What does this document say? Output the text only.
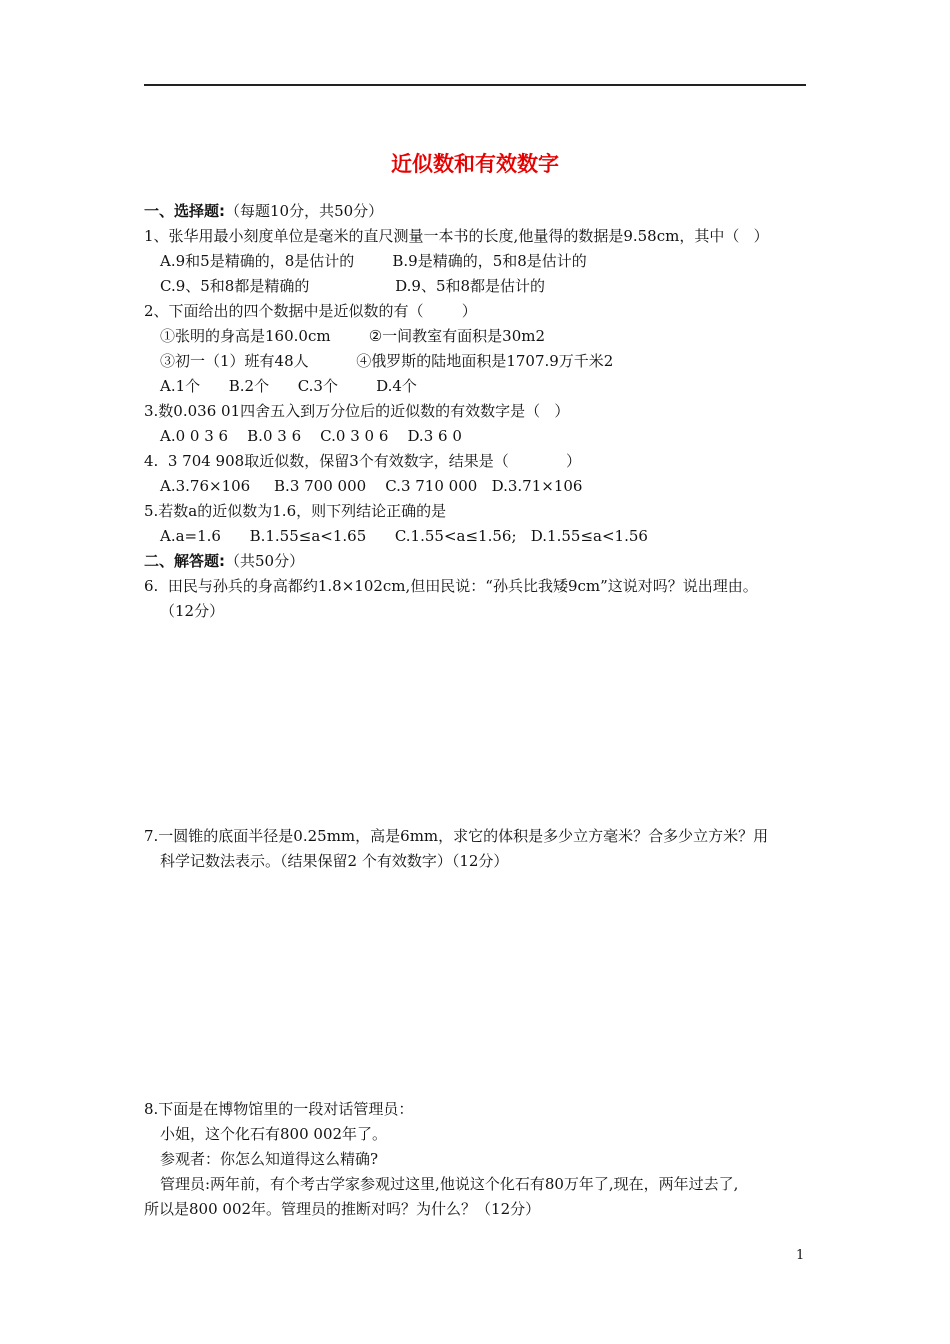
近似数和有效数字
一、选择题:（每题10分，共50分）
1、张华用最小刻度单位是毫米的直尺测量一本书的长度,他量得的数据是9.58cm，其中（   ）
A.9和5是精确的，8是估计的        B.9是精确的，5和8是估计的
C.9、5和8都是精确的                  D.9、5和8都是估计的
2、下面给出的四个数据中是近似数的有（        ）
①张明的身高是160.0cm        ②一间教室有面积是30m2
③初一（1）班有48人          ④俄罗斯的陆地面积是1707.9万千米2
A.1个      B.2个      C.3个        D.4个
3.数0.036 01四舍五入到万分位后的近似数的有效数字是（   ）
A.0 0 3 6    B.0 3 6    C.0 3 0 6    D.3 6 0
4.  3 704 908取近似数，保留3个有效数字，结果是（            ）
A.3.76×106     B.3 700 000    C.3 710 000   D.3.71×106
5.若数a的近似数为1.6，则下列结论正确的是
A.a=1.6      B.1.55≤a<1.65      C.1.55<a≤1.56;   D.1.55≤a<1.56
二、解答题:（共50分）
6.  田民与孙兵的身高都约1.8×102cm,但田民说：“孙兵比我矮9cm”这说对吗？说出理由。
（12分）
7.一圆锥的底面半径是0.25mm，高是6mm，求它的体积是多少立方毫米？合多少立方米？用
科学记数法表示。（结果保留2 个有效数字）（12分）
8.下面是在博物馆里的一段对话管理员：
小姐，这个化石有800 002年了。
参观者：你怎么知道得这么精确?
管理员:两年前，有个考古学家参观过这里,他说这个化石有80万年了,现在，两年过去了,
所以是800 002年。管理员的推断对吗？为什么？（12分）
1
